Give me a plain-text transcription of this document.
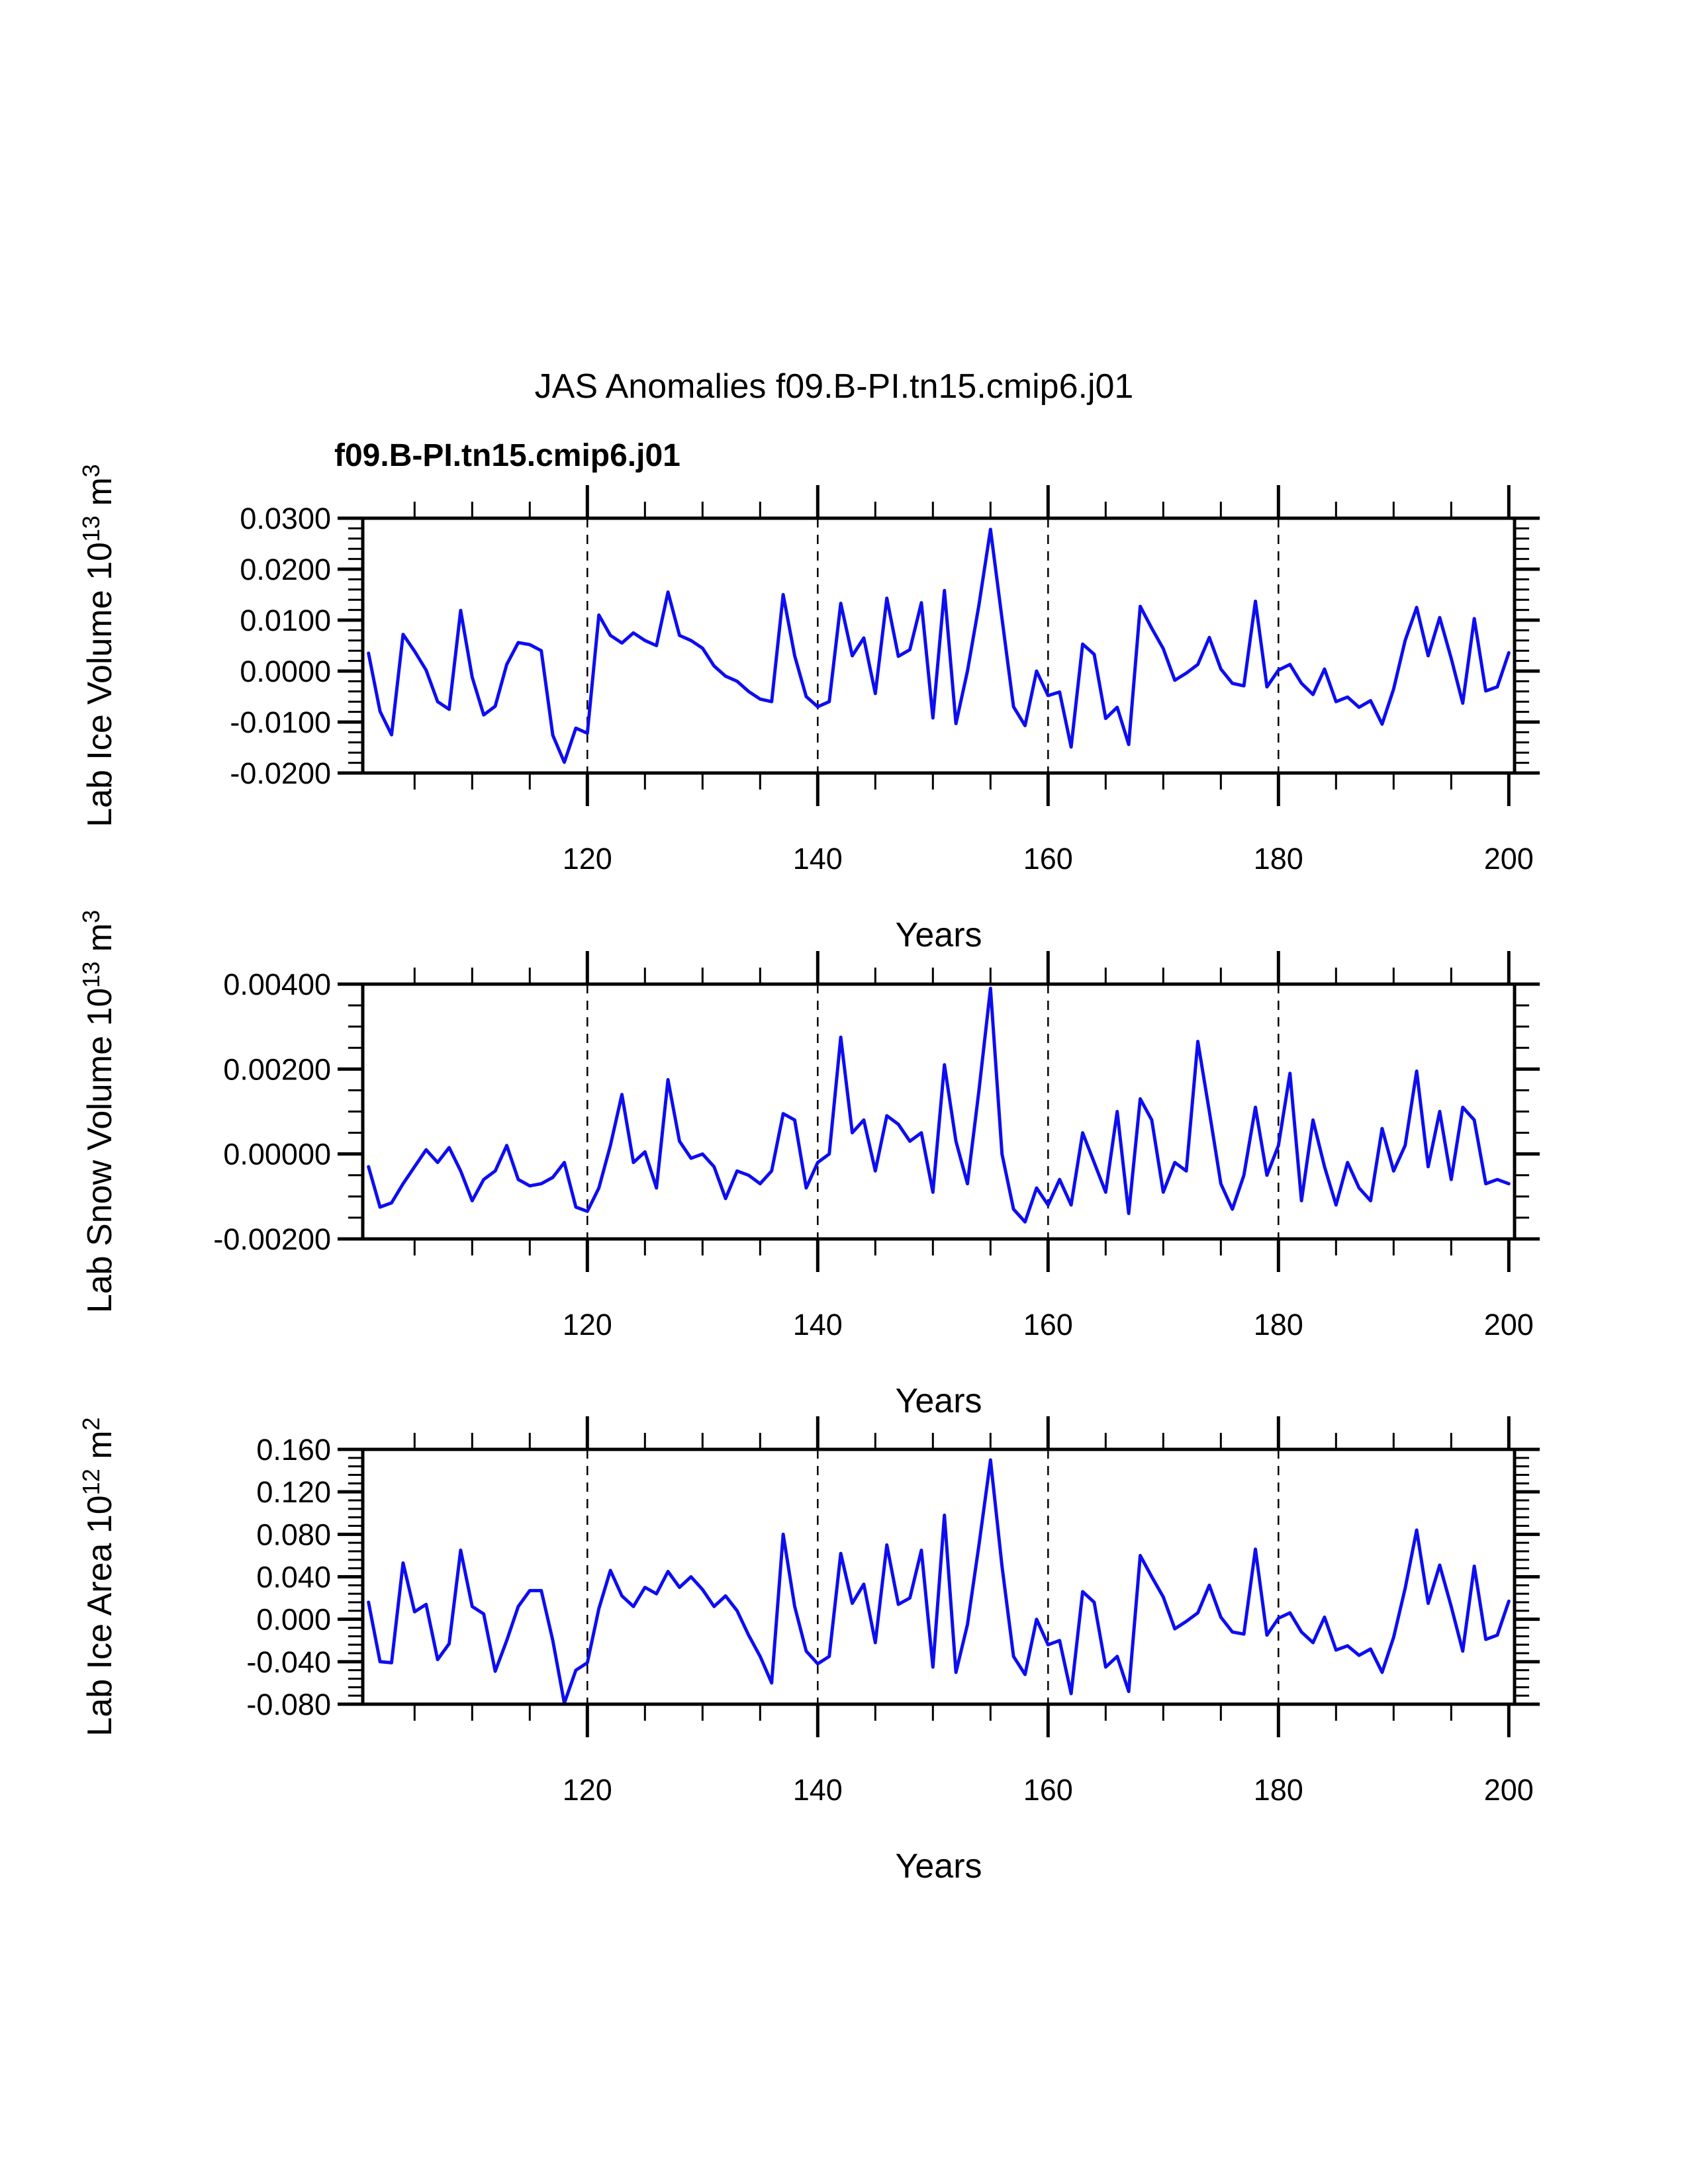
JAS Anomalies f09.B-PI.tn15.cmip6.j01
f09.B-PI.tn15.cmip6.j01
120	140	160	180	200
0.0300
0.0200
0.0100
0.0000
-0.0100
-0.0200
Years
Lab Ice Volume $10^{13}$ $m^3$
120	140	160	180	200
0.00400
0.00200
0.00000
-0.00200
Years
Lab Snow Volume $10^{13}$ $m^3$
120	140	160	180	200
0.160
0.120
0.080
0.040
0.000
-0.040
-0.080
Years
Lab Ice Area $10^{12}$ $m^2$
